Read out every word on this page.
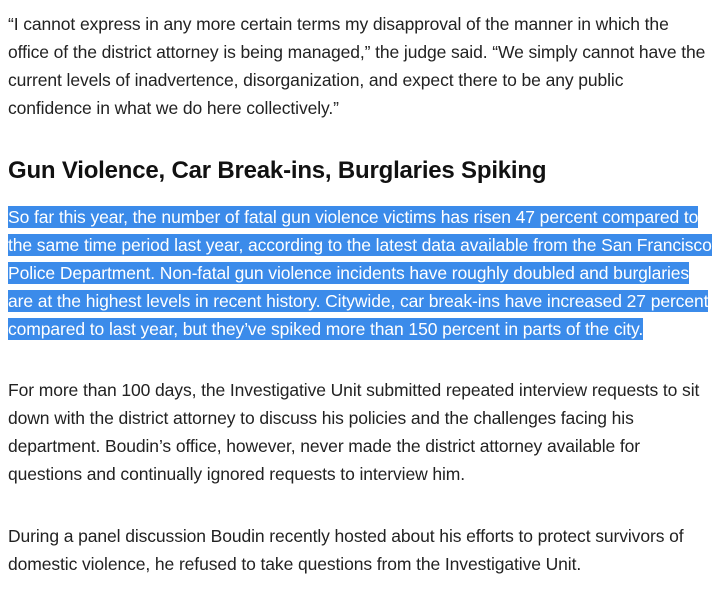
“I cannot express in any more certain terms my disapproval of the manner in which the office of the district attorney is being managed,” the judge said. “We simply cannot have the current levels of inadvertence, disorganization, and expect there to be any public confidence in what we do here collectively.”

Gun Violence, Car Break-ins, Burglaries Spiking

So far this year, the number of fatal gun violence victims has risen 47 percent compared to the same time period last year, according to the latest data available from the San Francisco Police Department. Non-fatal gun violence incidents have roughly doubled and burglaries are at the highest levels in recent history. Citywide, car break-ins have increased 27 percent compared to last year, but they’ve spiked more than 150 percent in parts of the city.

For more than 100 days, the Investigative Unit submitted repeated interview requests to sit down with the district attorney to discuss his policies and the challenges facing his department. Boudin’s office, however, never made the district attorney available for questions and continually ignored requests to interview him.

During a panel discussion Boudin recently hosted about his efforts to protect survivors of domestic violence, he refused to take questions from the Investigative Unit.
